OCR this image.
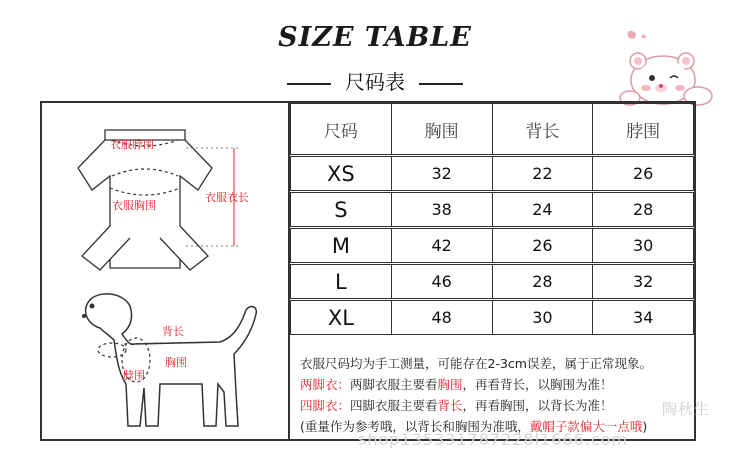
SIZE TABLE
尺码表
衣服脖围
衣服衣长
衣服胸围
背长
胸围
脖围
尺码	胸围	背长	脖围

XS	32	22	26

S	38	24	28

M	42	26	30

L	46	28	32

XL	48	30	34
衣服尺码均为手工测量，可能存在2-3cm误差，属于正常现象。
两脚衣：两脚衣服主要看胸围，再看背长，以胸围为准！
四脚衣：四脚衣服主要看背长，再看胸围，以背长为准！
(重量作为参考哦，以背长和胸围为准哦，戴帽子款偏大一点哦)
陶秋生
shop135331787228l1666.com
